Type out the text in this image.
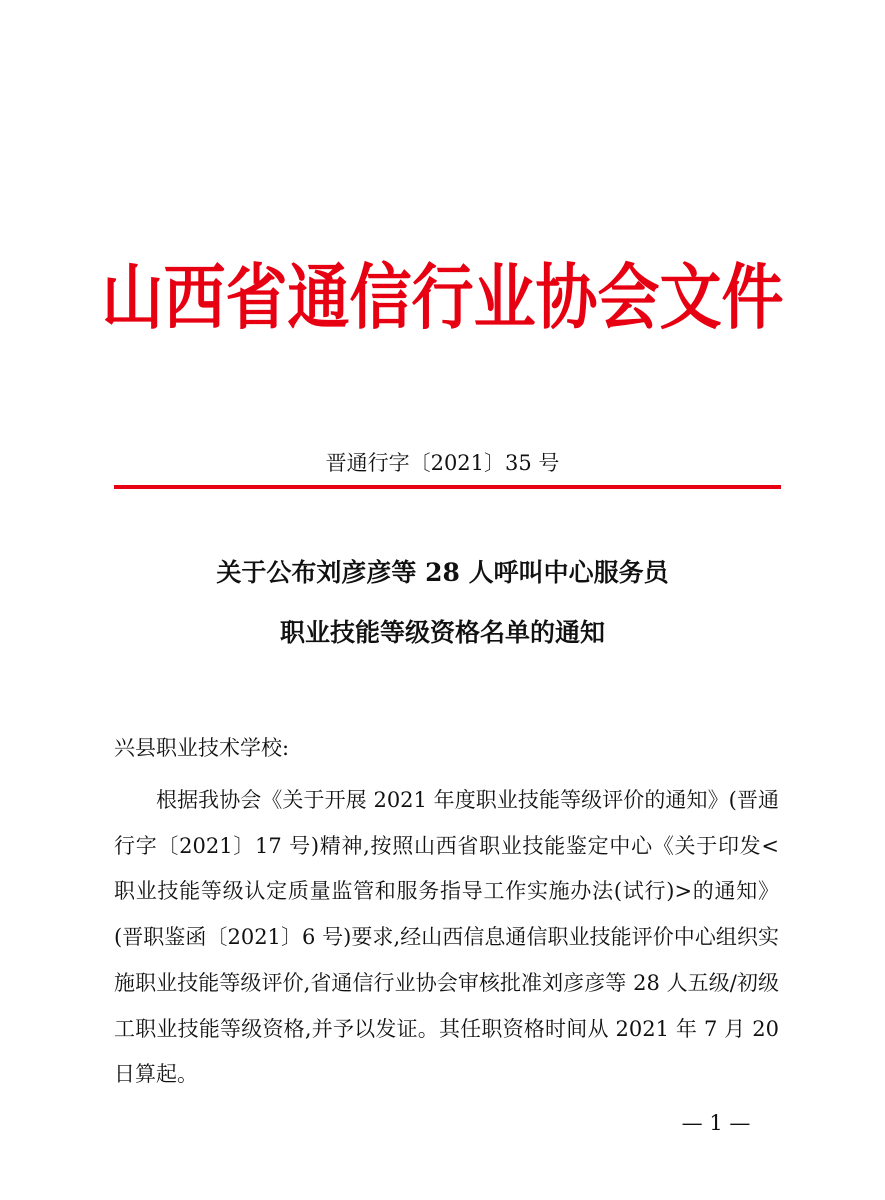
山西省通信行业协会文件
晋通行字〔2021〕35 号
关于公布刘彦彦等 28 人呼叫中心服务员
职业技能等级资格名单的通知
兴县职业技术学校:

根据我协会《关于开展 2021 年度职业技能等级评价的通知》(晋通行字〔2021〕17 号)精神,按照山西省职业技能鉴定中心《关于印发<职业技能等级认定质量监管和服务指导工作实施办法(试行)>的通知》(晋职鉴函〔2021〕6 号)要求,经山西信息通信职业技能评价中心组织实施职业技能等级评价,省通信行业协会审核批准刘彦彦等 28 人五级/初级工职业技能等级资格,并予以发证。其任职资格时间从 2021 年 7 月 20 日算起。

— 1 —
